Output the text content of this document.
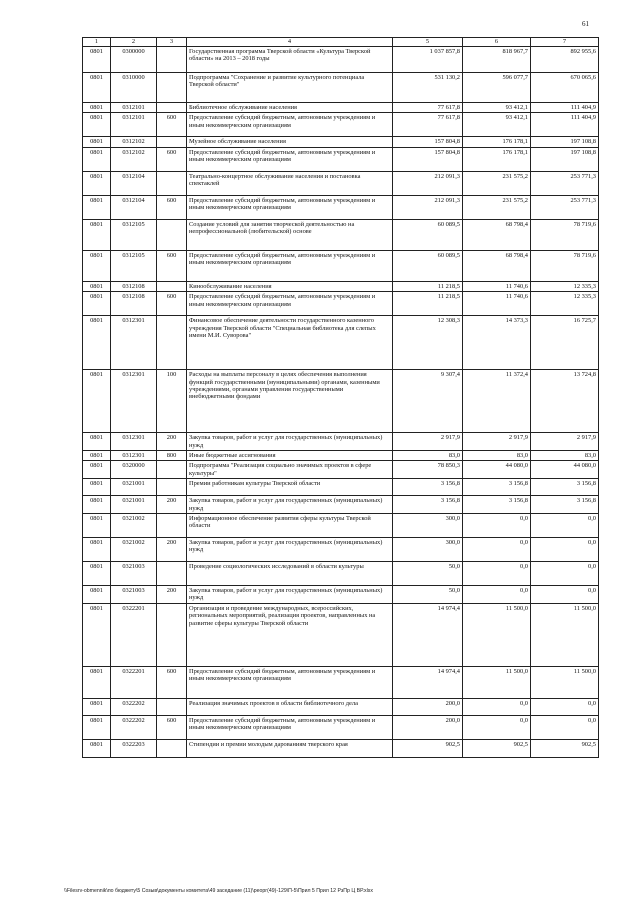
61
1	2	3	4	5	6	7
0801	0300000		Государственная программа Тверской области «Культура Тверской области» на 2013 – 2018 годы	1 037 857,8	818 967,7	892 955,6
0801	0310000		Подпрограмма "Сохранение и развитие культурного потенциала Тверской области"	531 130,2	596 077,7	670 065,6
0801	0312101		Библиотечное обслуживание населения	77 617,8	93 412,1	111 404,9
0801	0312101	600	Предоставление субсидий бюджетным, автономным учреждениям и иным некоммерческим организациям	77 617,8	93 412,1	111 404,9
0801	0312102		Музейное обслуживание населения	157 804,8	176 178,1	197 108,8
0801	0312102	600	Предоставление субсидий бюджетным, автономным учреждениям и иным некоммерческим организациям	157 804,8	176 178,1	197 108,8
0801	0312104		Театрально-концертное обслуживание населения и постановка спектаклей	212 091,3	231 575,2	253 771,3
0801	0312104	600	Предоставление субсидий бюджетным, автономным учреждениям и иным некоммерческим организациям	212 091,3	231 575,2	253 771,3
0801	0312105		Создание условий для занятия творческой деятельностью на непрофессиональной (любительской) основе	60 089,5	68 798,4	78 719,6
0801	0312105	600	Предоставление субсидий бюджетным, автономным учреждениям и иным некоммерческим организациям	60 089,5	68 798,4	78 719,6
0801	0312108		Кинообслуживание населения	11 218,5	11 740,6	12 335,3
0801	0312108	600	Предоставление субсидий бюджетным, автономным учреждениям и иным некоммерческим организациям	11 218,5	11 740,6	12 335,3
0801	0312301		Финансовое обеспечение деятельности государственного казенного учреждения Тверской области "Специальная библиотека для слепых имени М.И. Суворова"	12 308,3	14 373,3	16 725,7
0801	0312301	100	Расходы на выплаты персоналу в целях обеспечения выполнения функций государственными (муниципальными) органами, казенными учреждениями, органами управления государственными внебюджетными фондами	9 307,4	11 372,4	13 724,8
0801	0312301	200	Закупка товаров, работ и услуг для государственных (муниципальных) нужд	2 917,9	2 917,9	2 917,9
0801	0312301	800	Иные бюджетные ассигнования	83,0	83,0	83,0
0801	0320000		Подпрограмма "Реализация социально значимых проектов в сфере культуры"	78 850,3	44 080,0	44 080,0
0801	0321001		Премии работникам культуры Тверской области	3 156,8	3 156,8	3 156,8
0801	0321001	200	Закупка товаров, работ и услуг для государственных (муниципальных) нужд	3 156,8	3 156,8	3 156,8
0801	0321002		Информационное обеспечение развития сферы культуры Тверской области	300,0	0,0	0,0
0801	0321002	200	Закупка товаров, работ и услуг для государственных (муниципальных) нужд	300,0	0,0	0,0
0801	0321003		Проведение социологических исследований в области культуры	50,0	0,0	0,0
0801	0321003	200	Закупка товаров, работ и услуг для государственных (муниципальных) нужд	50,0	0,0	0,0
0801	0322201		Организация и проведение международных, всероссийских, региональных мероприятий, реализация проектов, направленных на развитие сферы культуры Тверской области	14 974,4	11 500,0	11 500,0
0801	0322201	600	Предоставление субсидий бюджетным, автономным учреждениям и иным некоммерческим организациям	14 974,4	11 500,0	11 500,0
0801	0322202		Реализация значимых проектов в области библиотечного дела	200,0	0,0	0,0
0801	0322202	600	Предоставление субсидий бюджетным, автономным учреждениям и иным некоммерческим организациям	200,0	0,0	0,0
0801	0322203		Стипендии и премии молодым дарованиям тверского края	902,5	902,5	902,5
\\Filesrv-obmennik\по бюджету\5 Созыв\документы комитета\49 заседание (11)\реорг(49)-129\П-5\Прил 5 Прил 12 РзПр Ц ВР.xlsx
